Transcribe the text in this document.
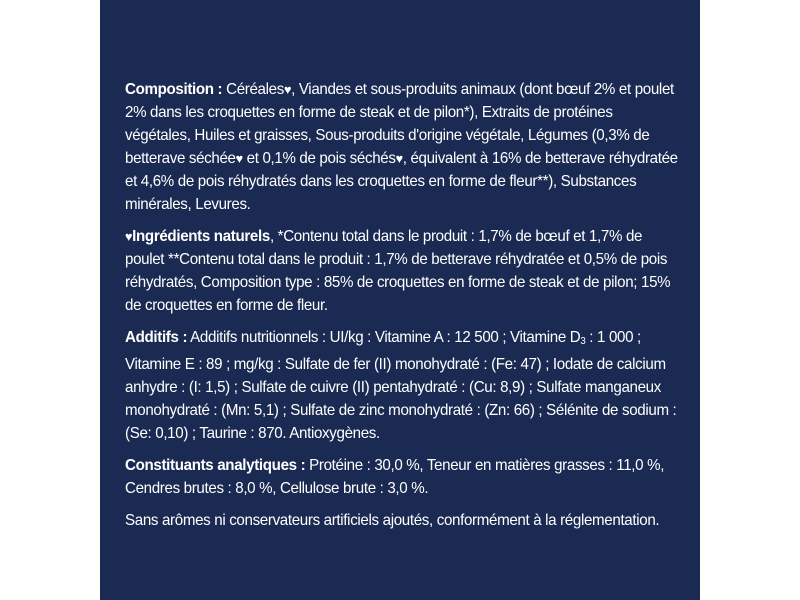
Composition : Céréales♥, Viandes et sous-produits animaux (dont bœuf 2% et poulet 2% dans les croquettes en forme de steak et de pilon*), Extraits de protéines végétales, Huiles et graisses, Sous-produits d'origine végétale, Légumes (0,3% de betterave séchée♥ et 0,1% de pois séchés♥, équivalent à 16% de betterave réhydratée et 4,6% de pois réhydratés dans les croquettes en forme de fleur**), Substances minérales, Levures.

♥Ingrédients naturels, *Contenu total dans le produit : 1,7% de bœuf et 1,7% de poulet **Contenu total dans le produit : 1,7% de betterave réhydratée et 0,5% de pois réhydratés, Composition type : 85% de croquettes en forme de steak et de pilon; 15% de croquettes en forme de fleur.

Additifs : Additifs nutritionnels : UI/kg : Vitamine A : 12 500 ; Vitamine $D_3$ : 1 000 ; Vitamine E : 89 ; mg/kg : Sulfate de fer (II) monohydraté : (Fe: 47) ; Iodate de calcium anhydre : (I: 1,5) ; Sulfate de cuivre (II) pentahydraté : (Cu: 8,9) ; Sulfate manganeux monohydraté : (Mn: 5,1) ; Sulfate de zinc monohydraté : (Zn: 66) ; Sélénite de sodium : (Se: 0,10) ; Taurine : 870. Antioxygènes.

Constituants analytiques : Protéine : 30,0 %, Teneur en matières grasses : 11,0 %, Cendres brutes : 8,0 %, Cellulose brute : 3,0 %.

Sans arômes ni conservateurs artificiels ajoutés, conformément à la réglementation.
